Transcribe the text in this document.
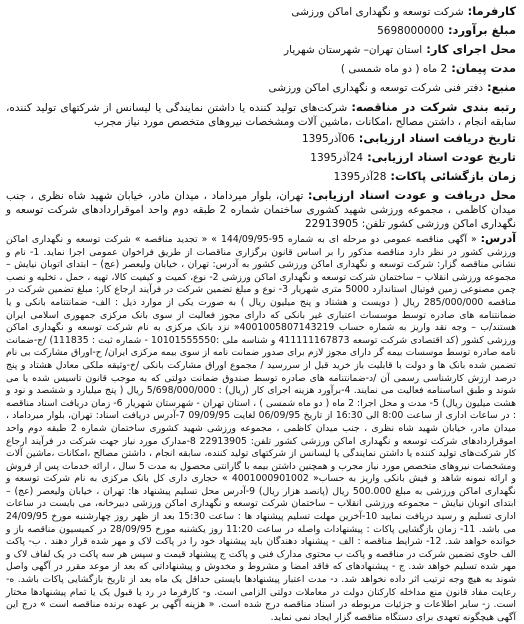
کارفرما:
شرکت توسعه و نگهداری اماکن ورزشی
مبلغ برآورد:
5698000000
محل اجرای کار:
استان تهران– شهرستان شهریار
مدت پیمان:
2 ماه ( دو ماه شمسی )
منبع:
دفتر فنی شرکت توسعه و نگهداری اماکن ورزشی
رتبه بندی شرکت در مناقصه: شرکت‌های تولید کننده یا داشتن نمایندگی یا لیسانس از شرکتهای تولید کننده، سابقه انجام ، داشتن مصالح ،امکانات ،ماشین آلات ومشخصات نیروهای متخصص مورد نیاز مجرب
تاریخ دریافت اسناد ارزیابی:
06آذر1395
تاریخ عودت اسناد ارزیابی:
24آذر1395
زمان بازگشائی پاکات:
28آذر1395
محل دریافت و عودت اسناد ارزیابی: تهران، بلوار میرداماد ، میدان مادر، خیابان شهید شاه نظری ، جنب میدان کاظمی ، مجموعه ورزشی شهید کشوری ساختمان شماره 2 طبقه دوم واحد اموقراردادهای شرکت توسعه و نگهداری اماکن ورزشی کشور تلفن: 22913905
آدرس: « آگهی مناقصه عمومی دو مرحله ای به شماره 95-144/09/95 » « تجدید مناقصه » شرکت توسعه و نگهداری اماکن ورزشی کشور در نظر دارد مناقصه مذکور را بر اساس قانون برگزاری مناقصات از طریق فراخوان عمومی اجرا نماید. 1- نام و نشانی مناقصه گزار: شرکت توسعه و نگهداری اماکن ورزشی کشور به آدرس: تهران ، خیابان ولیعصر (عج) – ابتدای اتوبان نیایش – مجموعه ورزشی انقلاب – ساختمان شرکت توسعه و نگهداری اماکن ورزشی 2- نوع، کمیت و کیفیت کالا، تهیه ، حمل ، تخلیه و نصب چمن مصنوعی زمین فوتبال استاندارد 5000 متری شهریار 3- نوع و مبلغ تضمین شرکت در فرآیند ارجاع کار: مبلغ تضمین شرکت در مناقصه 285/000/000 ریال ( دویست و هشتاد و پنج میلیون ریال ) به صورت یکی از موارد ذیل : الف- ضمانتنامه بانکی و یا ضمانتنامه های صادره توسط موسسات اعتباری غیر بانکی که دارای مجوز فعالیت از سوی بانک مرکزی جمهوری اسلامی ایران هستند/ب – وجه نقد واریز به شماره حساب 4001005807143219« نزد بانک مرکزی به نام شرکت توسعه و نگهداری اماکن ورزشی کشور (کد اقتصادی شرکت توسعه 411111167873 و شناسه ملی :10101555550 - شماره ثبت : 111835) /ج-ضمانت نامه صادره توسط موسسات بیمه گر دارای مجوز لازم برای صدور ضمانت نامه از سوی بیمه مرکزی ایران/ ح-اوراق مشارکت بی نام تضمین شده بانک ها و دولت با قابلیت باز خرید قبل از سررسید / مجموع اوراق مشارکت بانکی /خ-وثیقه ملکی معادل هشتاد و پنج درصد ارزش کارشناسی رسمی آن /د-ضمانتنامه های صادره توسط صندوق ضمانت دولتی که به موجب قانون تاسیس شده یا می شوند و طبق اساسنامه فعالیت می نمایند. 4-برآورد هزینه اجرای کار (ریال) : 5/698/000/000 ریال ( پنج میلیارد و ششصد و نود و هشت میلیون ریال) 5- مدت و محل اجرا: 2 ماه ( دو ماه شمسی ) ، استان تهران - شهرستان شهریار 6- زمان دریافت اسناد مناقصه : در ساعات اداری از ساعت 8:00 الی 16:30 از تاریخ 06/09/95 لغایت 09/09/95 7-آدرس دریافت اسناد: تهران، بلوار میرداماد ، میدان مادر، خیابان شهید شاه نظری ، جنب میدان کاظمی ، مجموعه ورزشی شهید کشوری ساختمان شماره 2 طبقه دوم واحد اموقراردادهای شرکت توسعه و نگهداری اماکن ورزشی کشور تلفن: 22913905 8-مدارک مورد نیاز جهت شرکت در فرآیند ارجاع کار شرکت‌های تولید کننده یا داشتن نمایندگی یا لیسانس از شرکتهای تولید کننده، سابقه انجام ، داشتن مصالح ،امکانات ،ماشین آلات ومشخصات نیروهای متخصص مورد نیاز مجرب و همچنین داشتن بیمه با گارانتی محصول به مدت 5 سال ، ارائه خدمات پس از فروش و ارائه نمونه شاهد و فیش بانکی واریز به حساب« 4001000901002 » حجاری داری کل بانک مرکزی به نام شرکت توسعه و نگهداری اماکن ورزشی به مبلغ 500.000 ریال (پانصد هزار ریال) 9-آدرس محل تسلیم پیشنهاد ها: تهران ، خیابان ولیعصر (عج) – ابتدای اتوبان نیایش – مجموعه ورزشی انقلاب – ساختمان شرکت توسعه و نگهداری اماکن ورزشی دبیرخانه، می بایست در ساعات اداری تسلیم و رسید دریافت نمایید 10-آخرین مهلت تسلیم پیشنهاد ها : ساعت 15:30 بعد از ظهر روز چهارشنبه مورخ 24/09/95 می باشد. 11- زمان بازگشایی پاکات : پیشنهادات واصله در ساعت 11:20 روز یکشنبه مورخ 28/09/95 در کمیسیون مناقصه باز و خوانده خواهد شد. 12- شرایط مناقصه : الف - پیشنهاد دهندگان باید پیشنهاد خود را در پاکت لاک و مهر شده قرار دهند . ب- پاکت الف حاوی تضمین شرکت در مناقصه و پاکت ب محتوی مدارک فنی و پاکت ج پیشنهاد قیمت و سپس هر سه پاکت در یک لفاف لاک و مهر شده تسلیم خواهد شد. ج - پیشنهادهای که فاقد امضا و مشروط و مخدوش و پیشنهاداتی که بعد از موعد مقرر در آگهی واصل شوند به هیچ وجه ترتیب اثر داده نخواهد شد. د- مدت اعتبار پیشنهادها بایستی حداقل یک ماه بعد از تاریخ بازگشایی پاکات باشد. ه- رعایت مفاد قانون منع مداخله کارکنان دولت در معاملات دولتی الزامی است. و- کارفرما در رد یا قبول یک یا تمام پیشنهادها مختار است. ز- سایر اطلاعات و جزئیات مربوطه در اسناد مناقصه درج شده است. « هزینه آگهی بر عهده برنده مناقصه است » درج این آگهی هیچگونه تعهدی برای دستگاه مناقصه گزار ایجاد نمی نماید.
